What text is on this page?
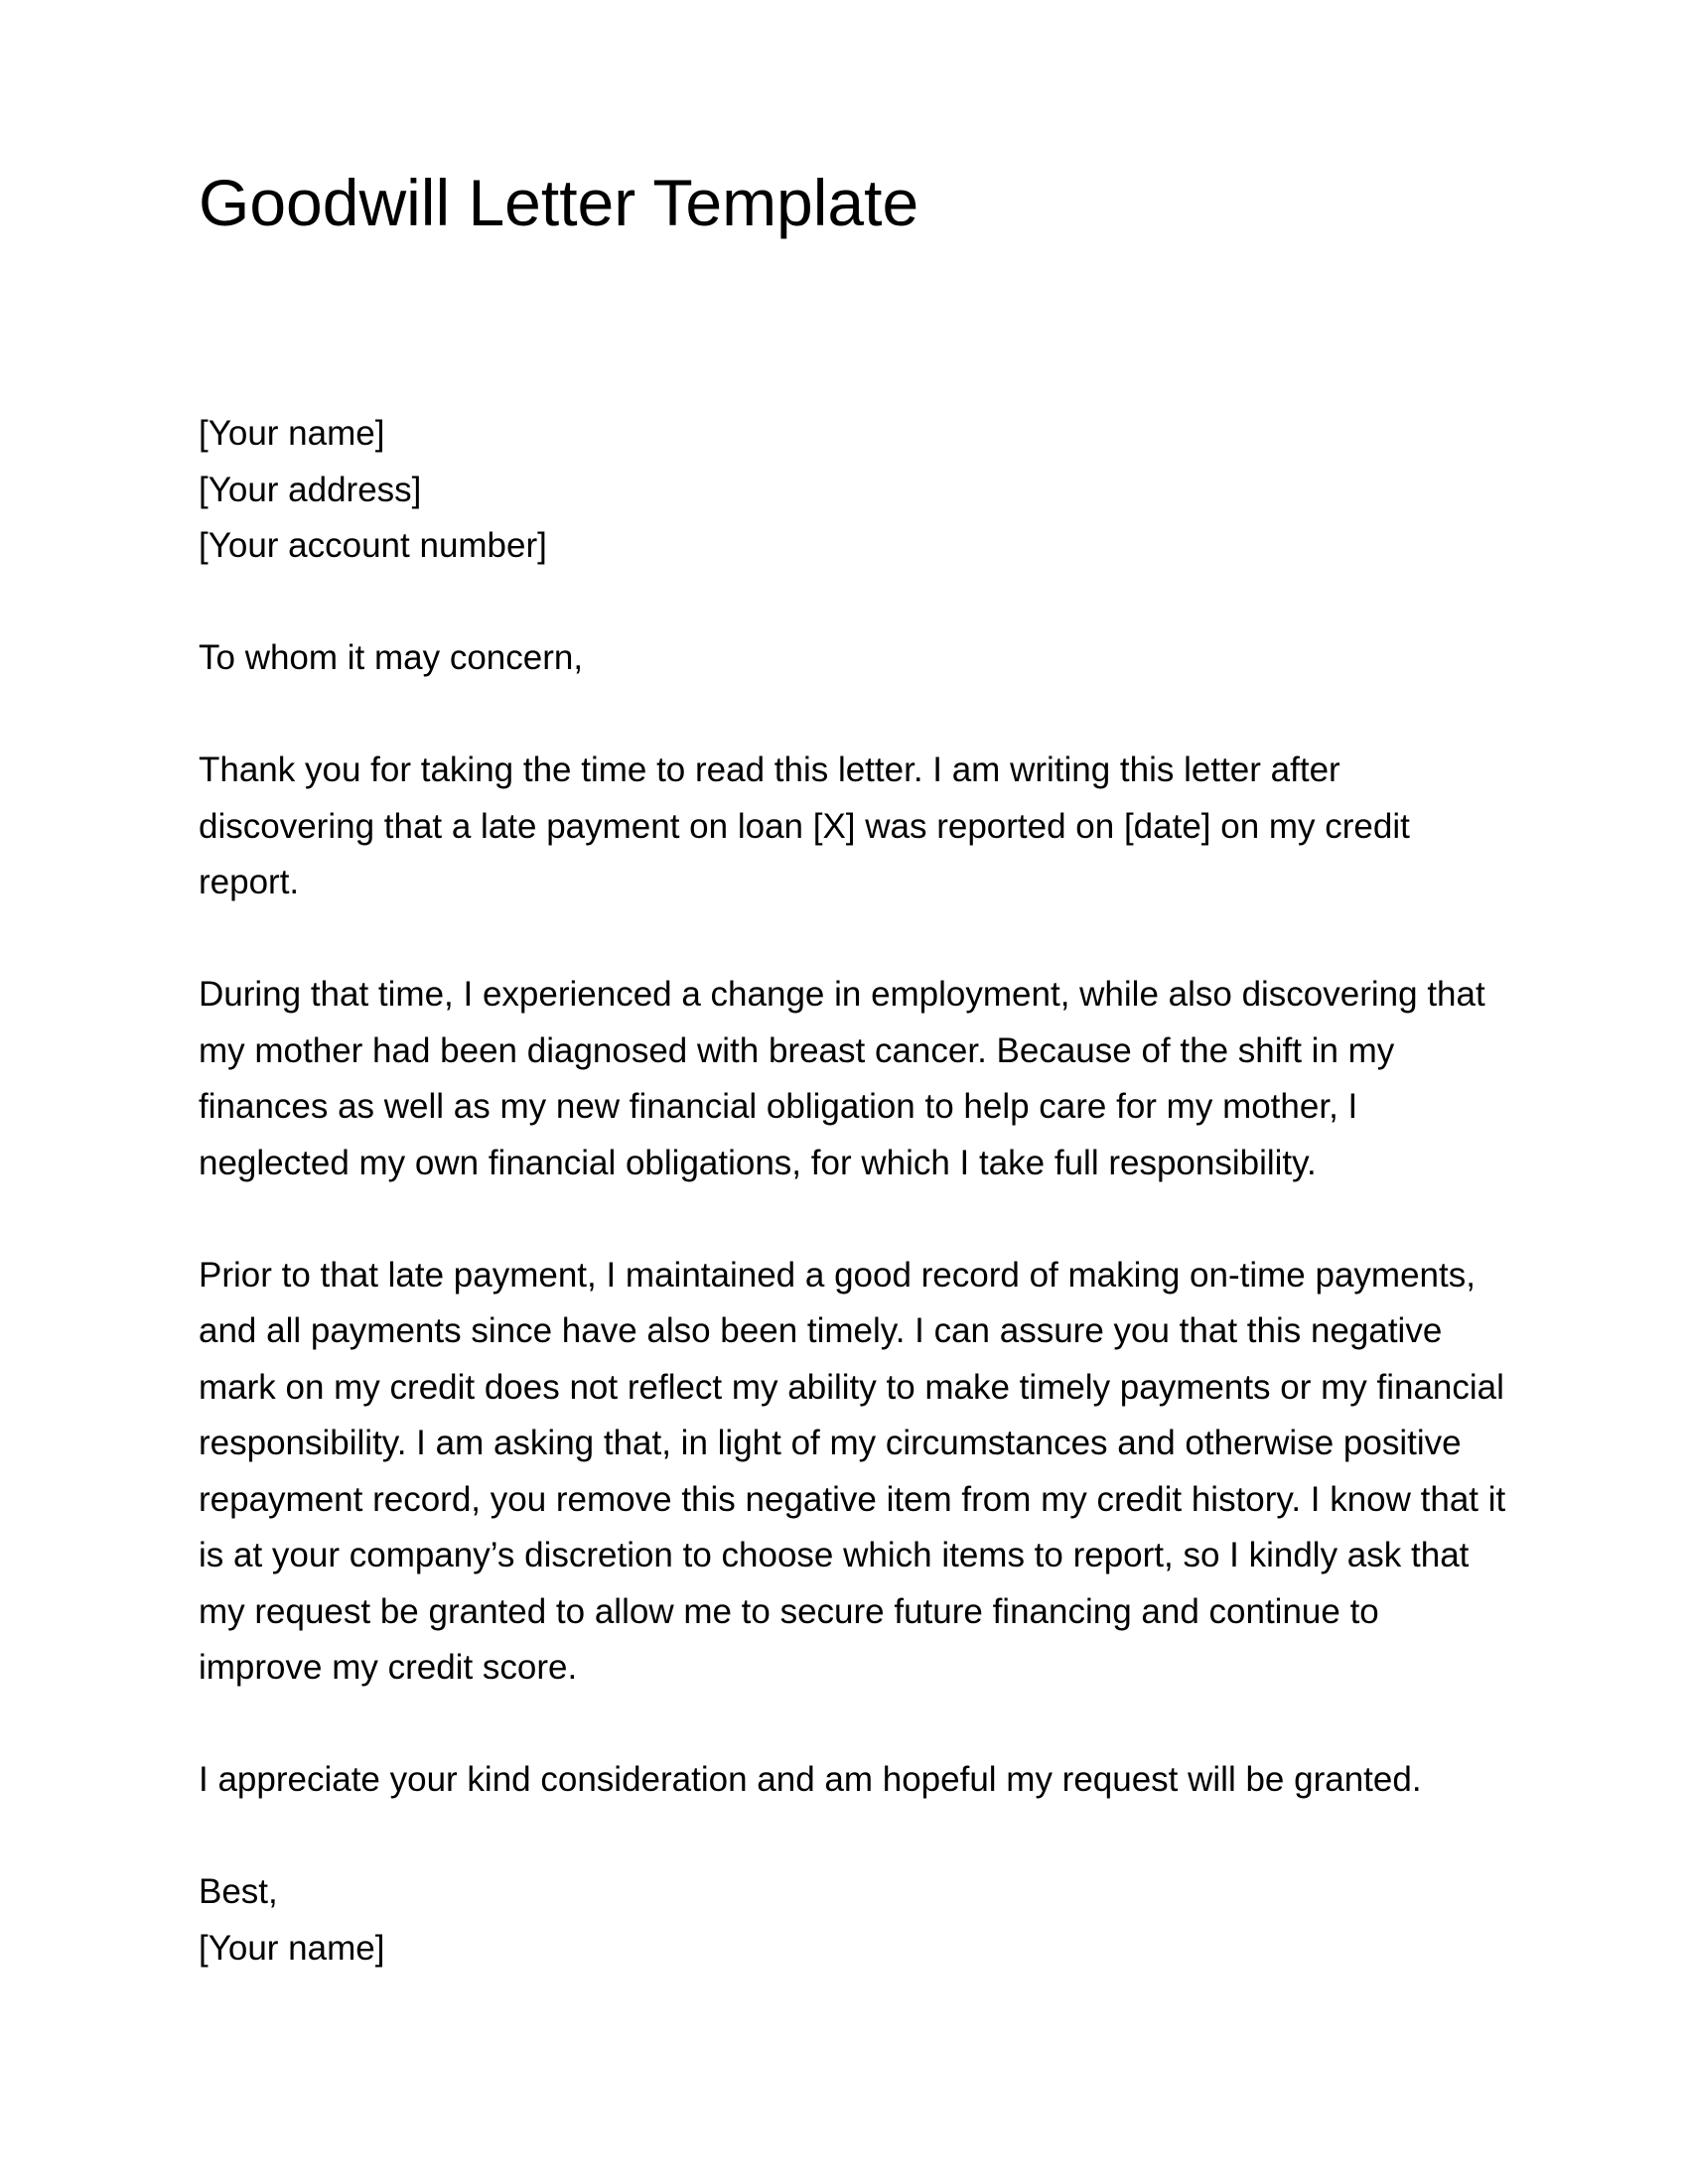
Goodwill Letter Template
[Your name]
[Your address]
[Your account number]

To whom it may concern,

Thank you for taking the time to read this letter. I am writing this letter after discovering that a late payment on loan [X] was reported on [date] on my credit report.

During that time, I experienced a change in employment, while also discovering that my mother had been diagnosed with breast cancer. Because of the shift in my finances as well as my new financial obligation to help care for my mother, I neglected my own financial obligations, for which I take full responsibility.

Prior to that late payment, I maintained a good record of making on-time payments, and all payments since have also been timely. I can assure you that this negative mark on my credit does not reflect my ability to make timely payments or my financial responsibility. I am asking that, in light of my circumstances and otherwise positive repayment record, you remove this negative item from my credit history. I know that it is at your company’s discretion to choose which items to report, so I kindly ask that my request be granted to allow me to secure future financing and continue to improve my credit score.

I appreciate your kind consideration and am hopeful my request will be granted.

Best,

[Your name]
